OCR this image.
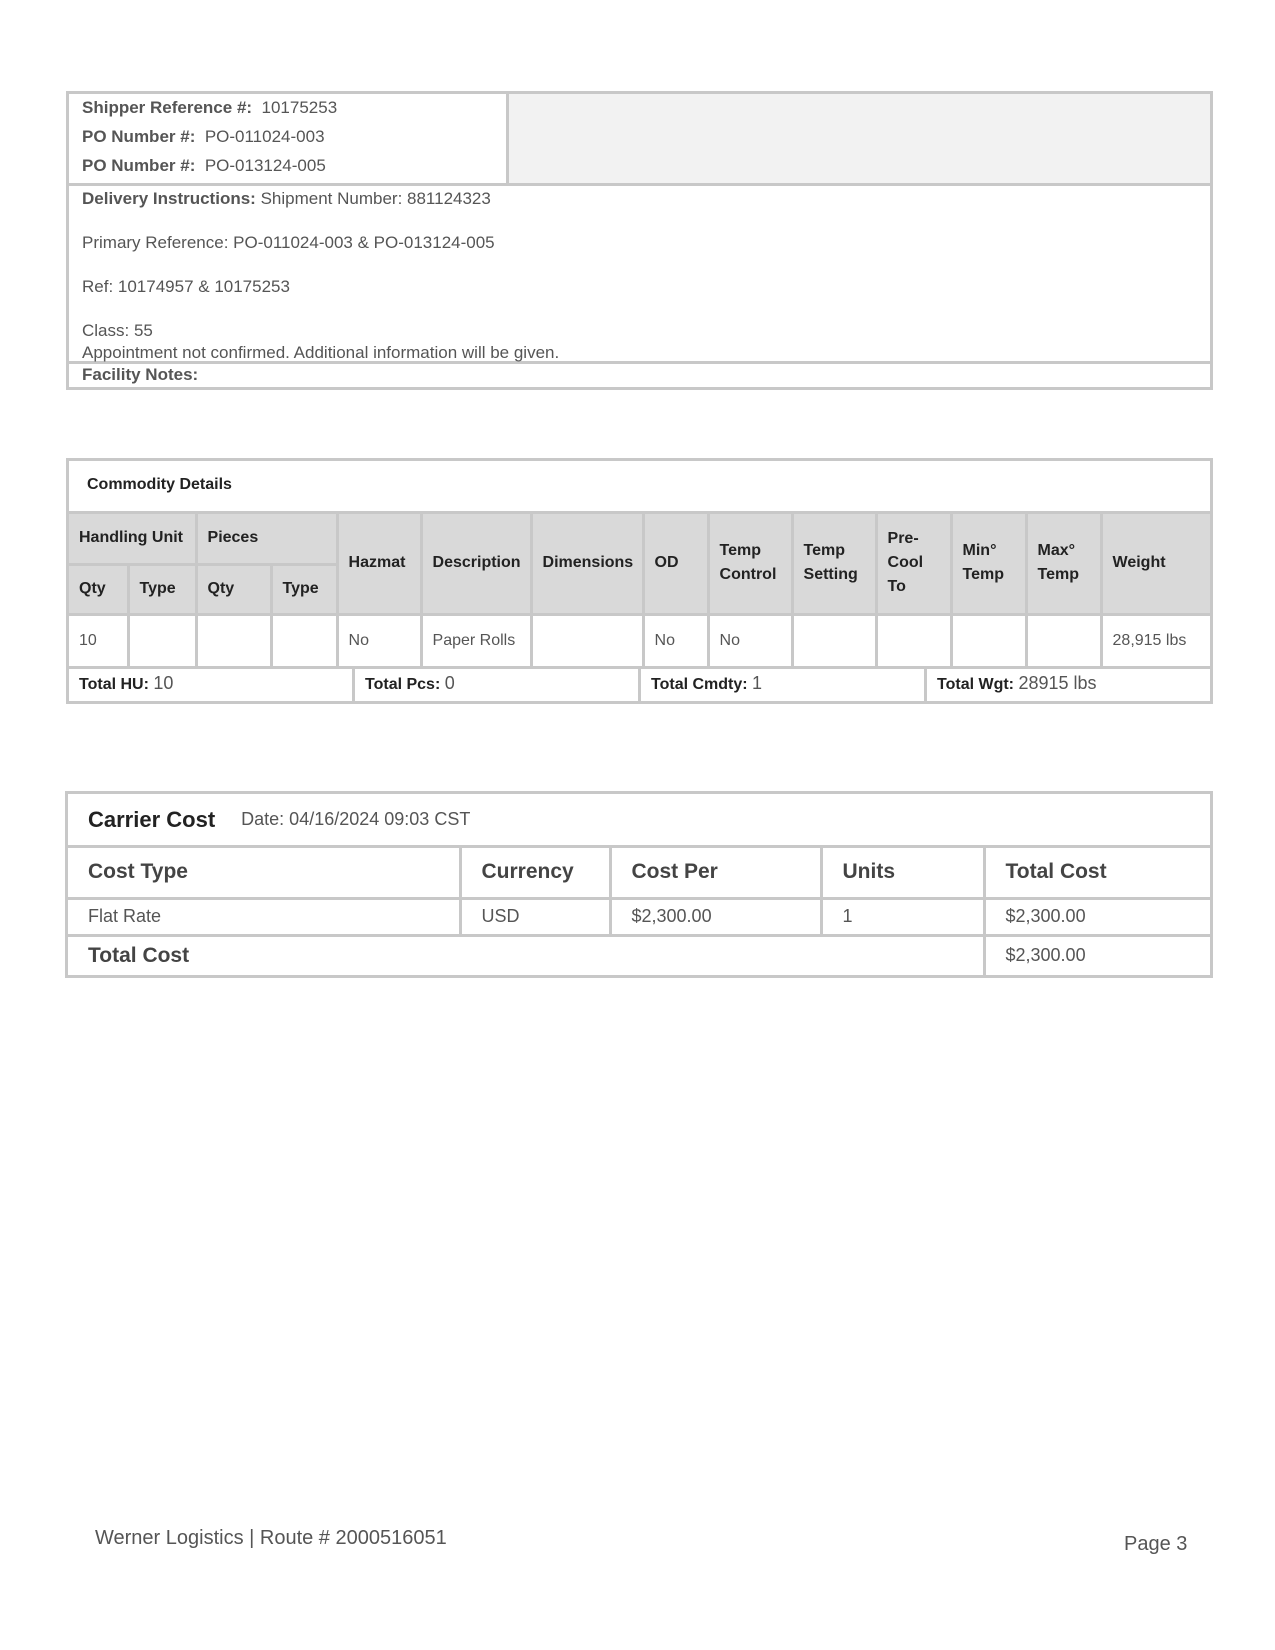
Shipper Reference #: 10175253
PO Number #: PO-011024-003
PO Number #: PO-013124-005
Delivery Instructions: Shipment Number: 881124323
Primary Reference: PO-011024-003 & PO-013124-005
Ref: 10174957 & 10175253
Class: 55
Appointment not confirmed. Additional information will be given.
Facility Notes:
Commodity Details
Handling Unit		Pieces		Hazmat	Description	Dimensions	OD	Temp Control	Temp Setting	Pre-Cool To	Min° Temp	Max° Temp	Weight
Qty	Type	Qty	Type										
10				No	Paper Rolls		No	No					28,915 lbs
Total HU: 10	Total Pcs: 0	Total Cmdty: 1	Total Wgt: 28915 lbs
Carrier Cost Date: 04/16/2024 09:03 CST
Cost Type	Currency	Cost Per	Units	Total Cost
Flat Rate	USD	$2,300.00	1	$2,300.00
Total Cost				$2,300.00
Werner Logistics | Route # 2000516051	Page 3
